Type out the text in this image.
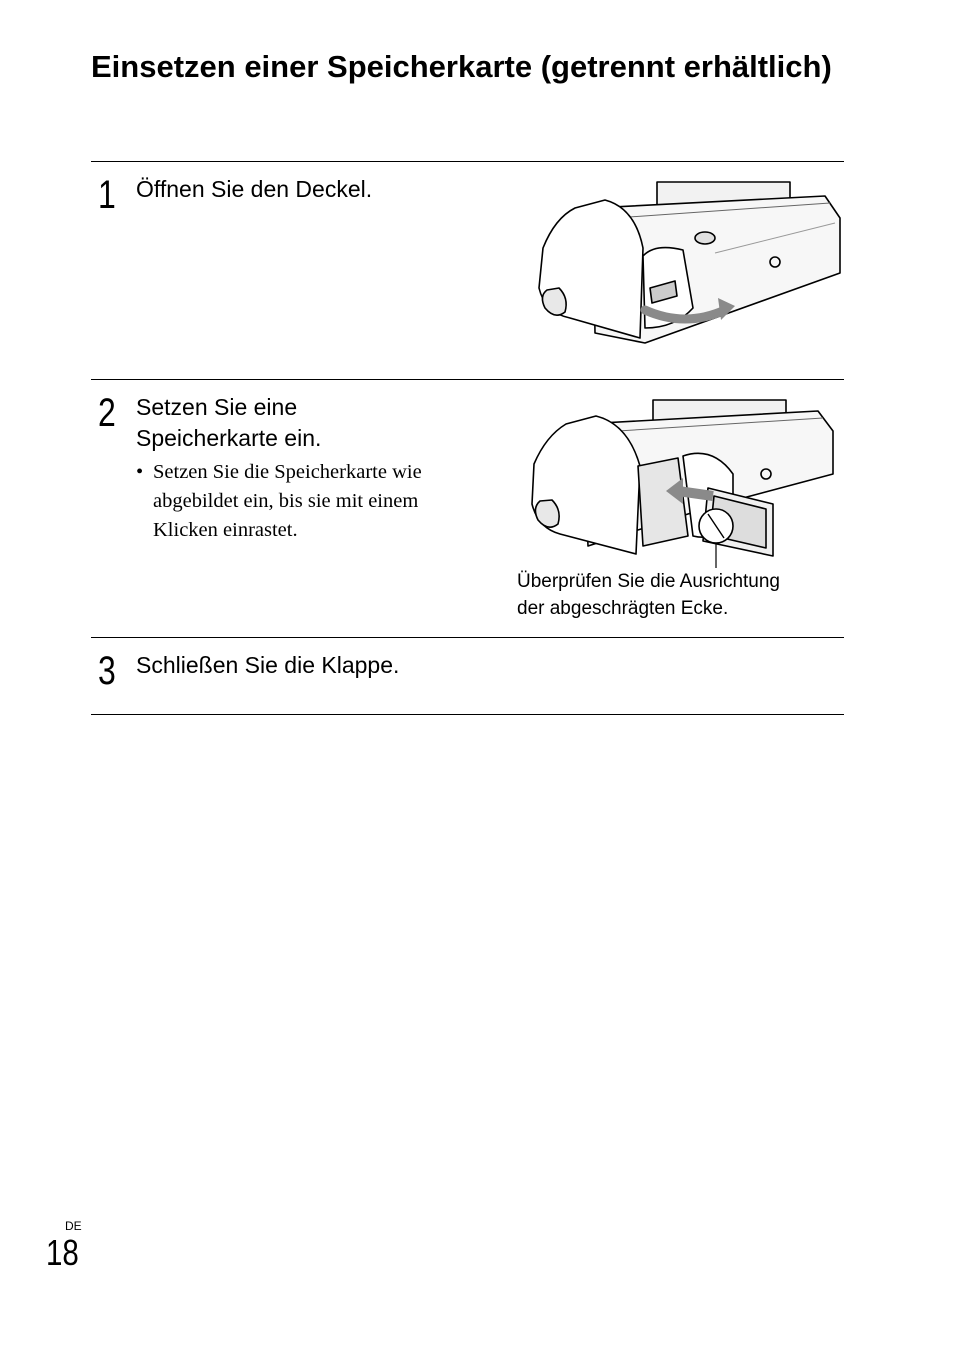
Einsetzen einer Speicherkarte (getrennt erhältlich)
1 Öffnen Sie den Deckel.
2 Setzen Sie eine
Speicherkarte ein.
• Setzen Sie die Speicherkarte wie abgebildet ein, bis sie mit einem Klicken einrastet.
Überprüfen Sie die Ausrichtung
der abgeschrägten Ecke.
3 Schließen Sie die Klappe.
DE
18
